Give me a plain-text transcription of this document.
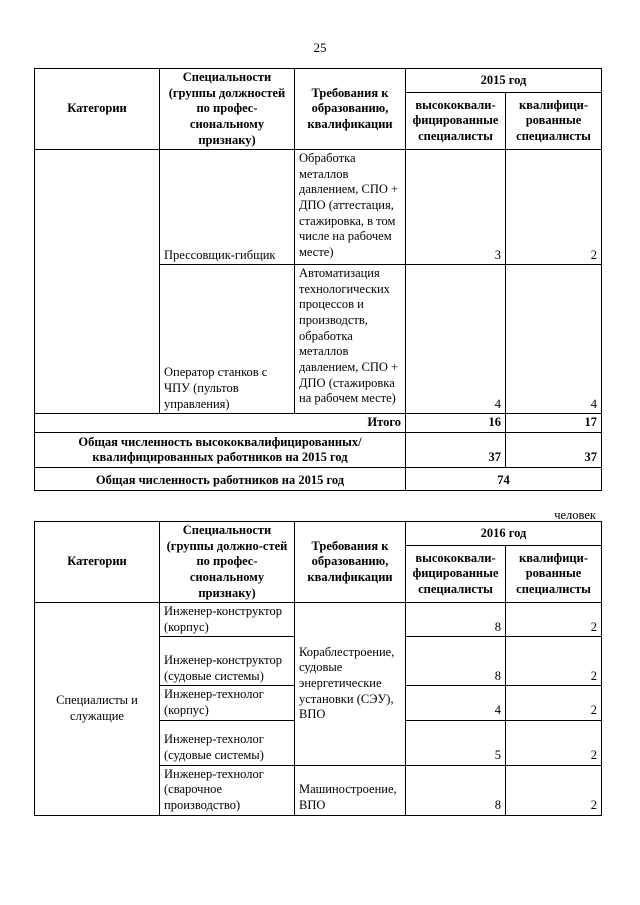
25
Категории	Специальности (группы должностей по профес-сиональному признаку)	Требования к образованию, квалификации	2015 год	
			высококвали-фицированные специалисты	квалифици-рованные специалисты
	Прессовщик-гибщик	Обработка металлов давлением, СПО + ДПО (аттестация, стажировка, в том числе на рабочем месте)	3	2
	Оператор станков с ЧПУ (пультов управления)	Автоматизация технологических процессов и производств, обработка металлов давлением, СПО + ДПО (стажировка на рабочем месте)	4	4
Итого			16	17
Общая численность высококвалифицированных/ квалифицированных работников на 2015 год			37	37
Общая численность работников на 2015 год			74	
человек
Категории	Специальности (группы должно-стей по профес-сиональному признаку)	Требования к образованию, квалификации	2016 год	
			высококвали-фицированные специалисты	квалифици-рованные специалисты
Специалисты и служащие	Инженер-конструктор (корпус)	Кораблестроение, судовые энергетические установки (СЭУ), ВПО	8	2
	Инженер-конструктор (судовые системы)		8	2
	Инженер-технолог (корпус)		4	2
	Инженер-технолог (судовые системы)		5	2
	Инженер-технолог (сварочное производство)	Машиностроение, ВПО	8	2
